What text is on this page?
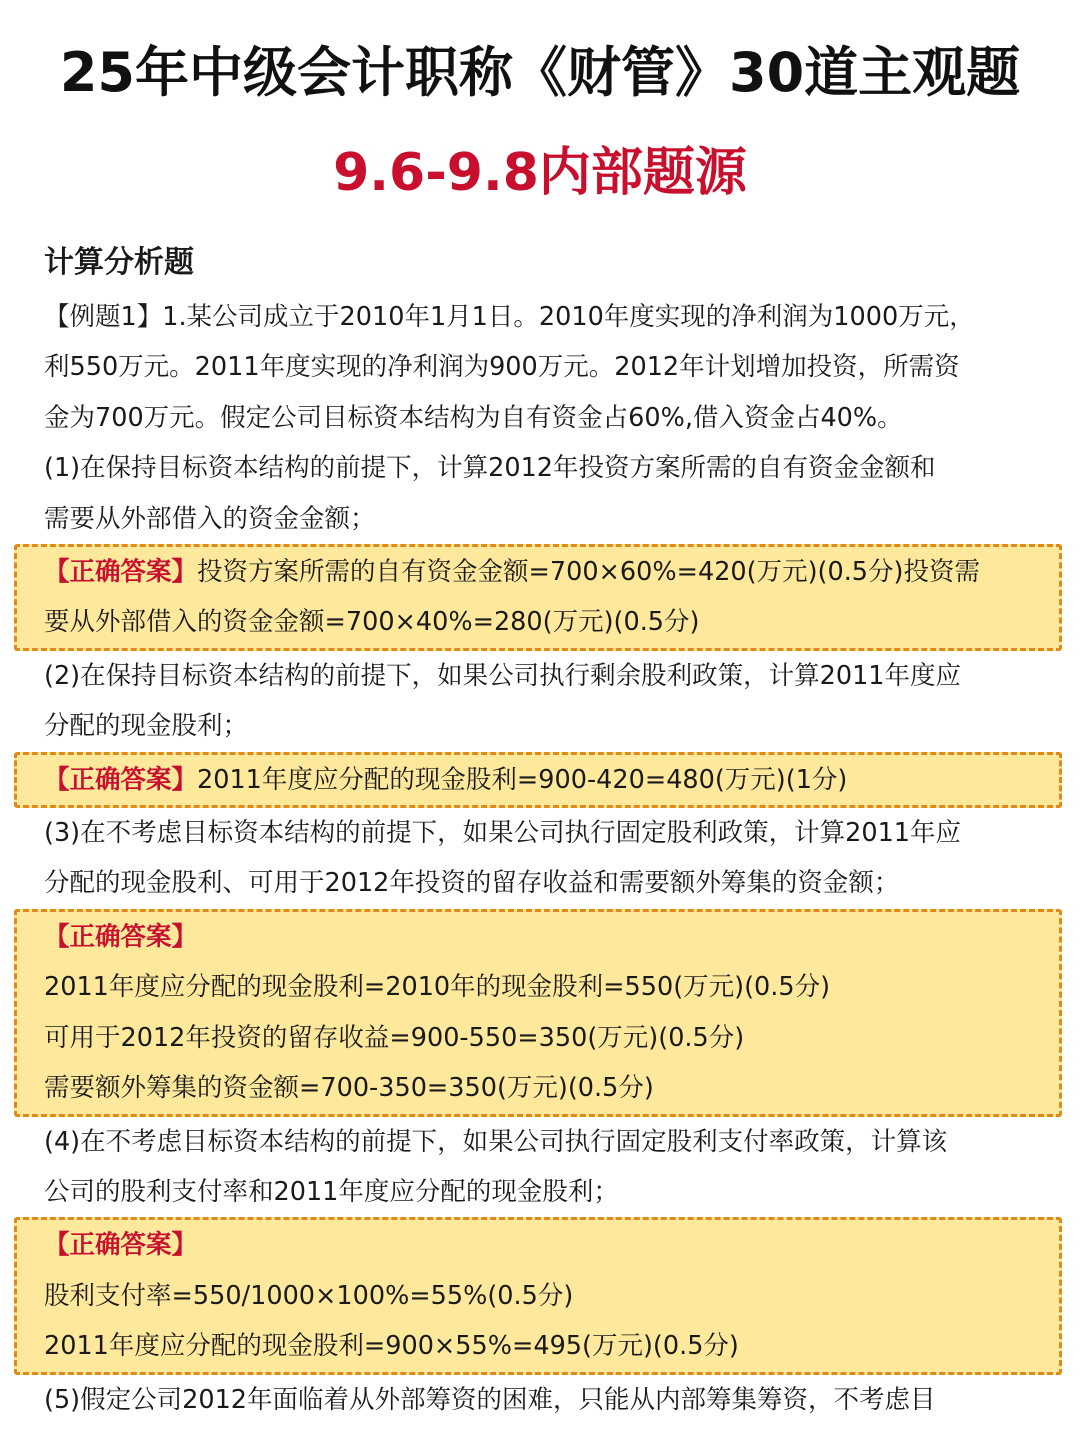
25年中级会计职称《财管》30道主观题
9.6-9.8内部题源
计算分析题
【例题1】1.某公司成立于2010年1月1日。2010年度实现的净利润为1000万元，
利550万元。2011年度实现的净利润为900万元。2012年计划增加投资，所需资
金为700万元。假定公司目标资本结构为自有资金占60%,借入资金占40%。
(1)在保持目标资本结构的前提下，计算2012年投资方案所需的自有资金金额和
需要从外部借入的资金金额；
【正确答案】投资方案所需的自有资金金额=700×60%=420(万元)(0.5分)投资需
要从外部借入的资金金额=700×40%=280(万元)(0.5分)
(2)在保持目标资本结构的前提下，如果公司执行剩余股利政策，计算2011年度应
分配的现金股利；
【正确答案】2011年度应分配的现金股利=900-420=480(万元)(1分)
(3)在不考虑目标资本结构的前提下，如果公司执行固定股利政策，计算2011年应
分配的现金股利、可用于2012年投资的留存收益和需要额外筹集的资金额；
【正确答案】
2011年度应分配的现金股利=2010年的现金股利=550(万元)(0.5分)
可用于2012年投资的留存收益=900-550=350(万元)(0.5分)
需要额外筹集的资金额=700-350=350(万元)(0.5分)
(4)在不考虑目标资本结构的前提下，如果公司执行固定股利支付率政策，计算该
公司的股利支付率和2011年度应分配的现金股利；
【正确答案】
股利支付率=550/1000×100%=55%(0.5分)
2011年度应分配的现金股利=900×55%=495(万元)(0.5分)
(5)假定公司2012年面临着从外部筹资的困难，只能从内部筹集筹资，不考虑目
